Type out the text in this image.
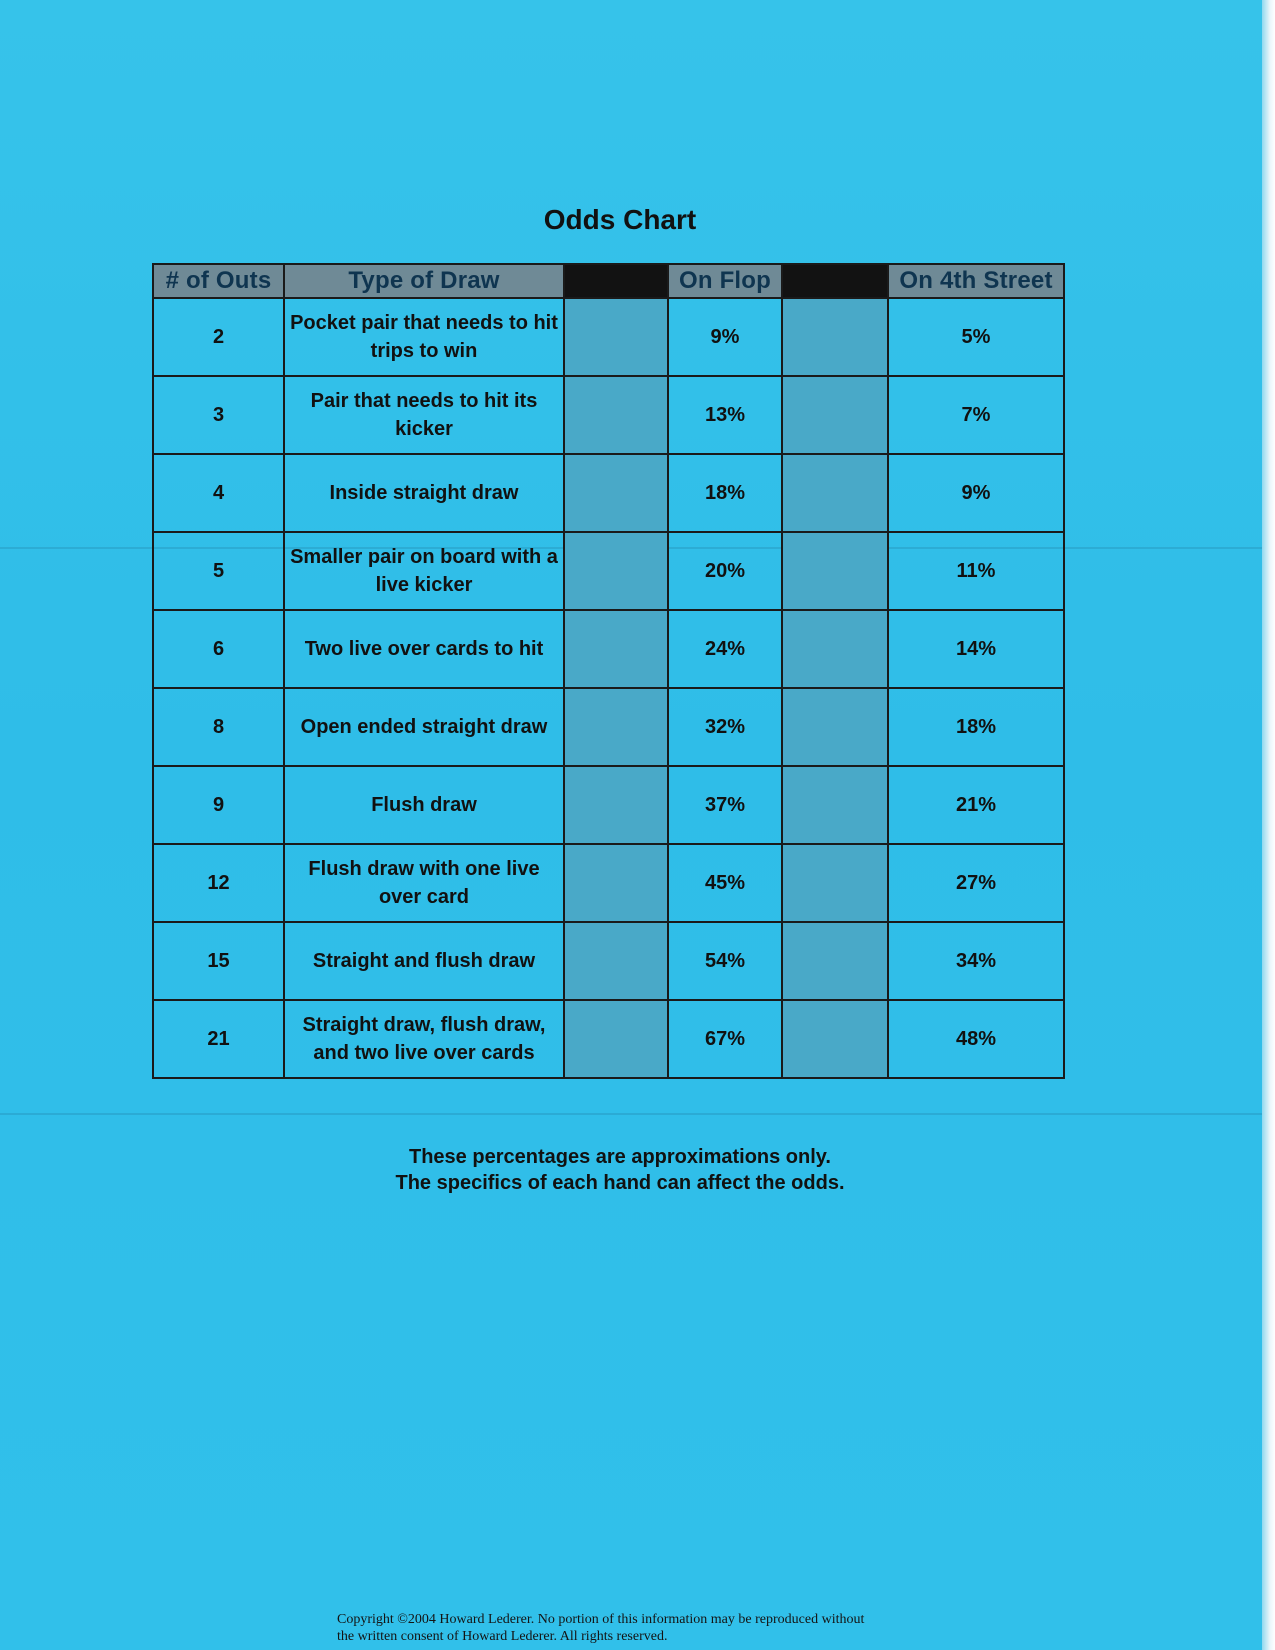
Odds Chart
# of Outs	Type of Draw		On Flop		On 4th Street
2	Pocket pair that needs to hit trips to win		9%		5%
3	Pair that needs to hit its kicker		13%		7%
4	Inside straight draw		18%		9%
5	Smaller pair on board with a live kicker		20%		11%
6	Two live over cards to hit		24%		14%
8	Open ended straight draw		32%		18%
9	Flush draw		37%		21%
12	Flush draw with one live over card		45%		27%
15	Straight and flush draw		54%		34%
21	Straight draw, flush draw, and two live over cards		67%		48%
These percentages are approximations only.
The specifics of each hand can affect the odds.
Copyright ©2004 Howard Lederer. No portion of this information may be reproduced without
the written consent of Howard Lederer. All rights reserved.
